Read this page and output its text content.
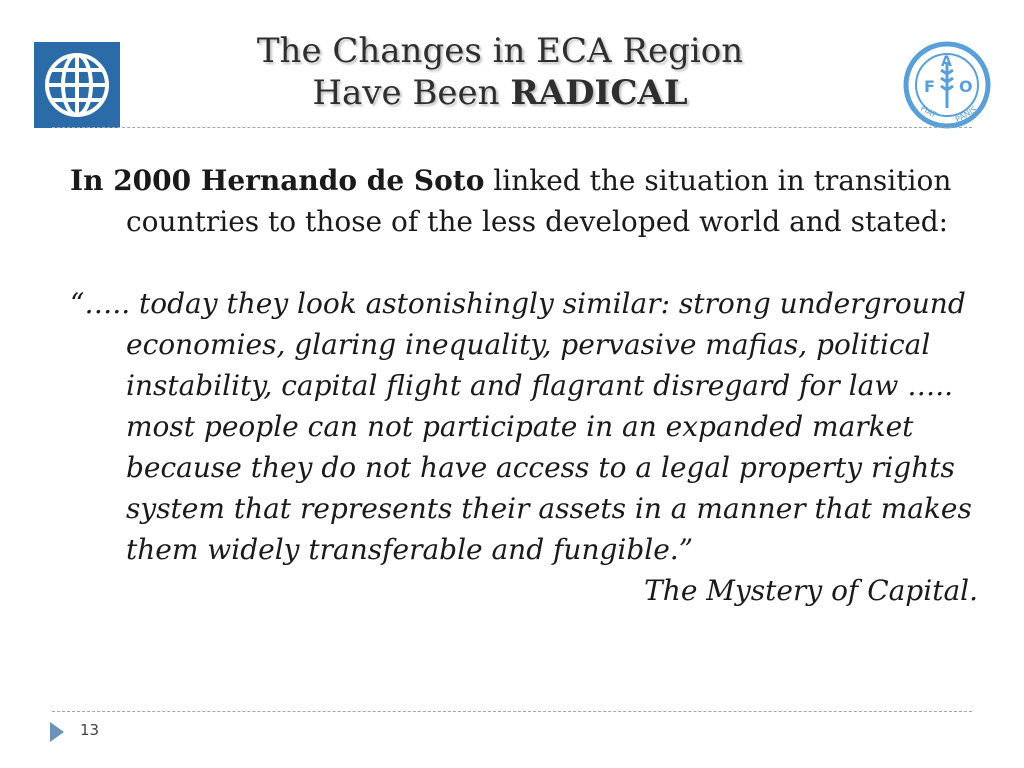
The Changes in ECA Region
Have Been RADICAL	F
A
O
FIAT PANIS

In 2000 Hernando de Soto linked the situation in transition countries to those of the less developed world and stated:

“….. today they look astonishingly similar: strong underground economies, glaring inequality, pervasive mafias, political instability, capital flight and flagrant disregard for law ….. most people can not participate in an expanded market because they do not have access to a legal property rights system that represents their assets in a manner that makes them widely transferable and fungible.”

The Mystery of Capital.

13
